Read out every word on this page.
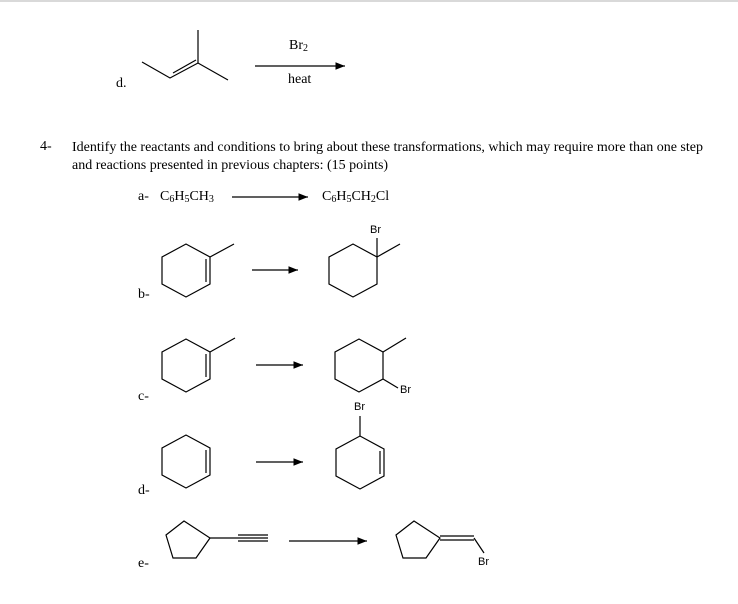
$Br_2$
heat
d.
4- Identify the reactants and conditions to bring about these transformations, which may require more than one step and reactions presented in previous chapters: (15 points)
a- $C_6H_5CH_3$	$C_6H_5CH_2Cl$
b-
c-
d-
e-
Br
Br
Br
Br
